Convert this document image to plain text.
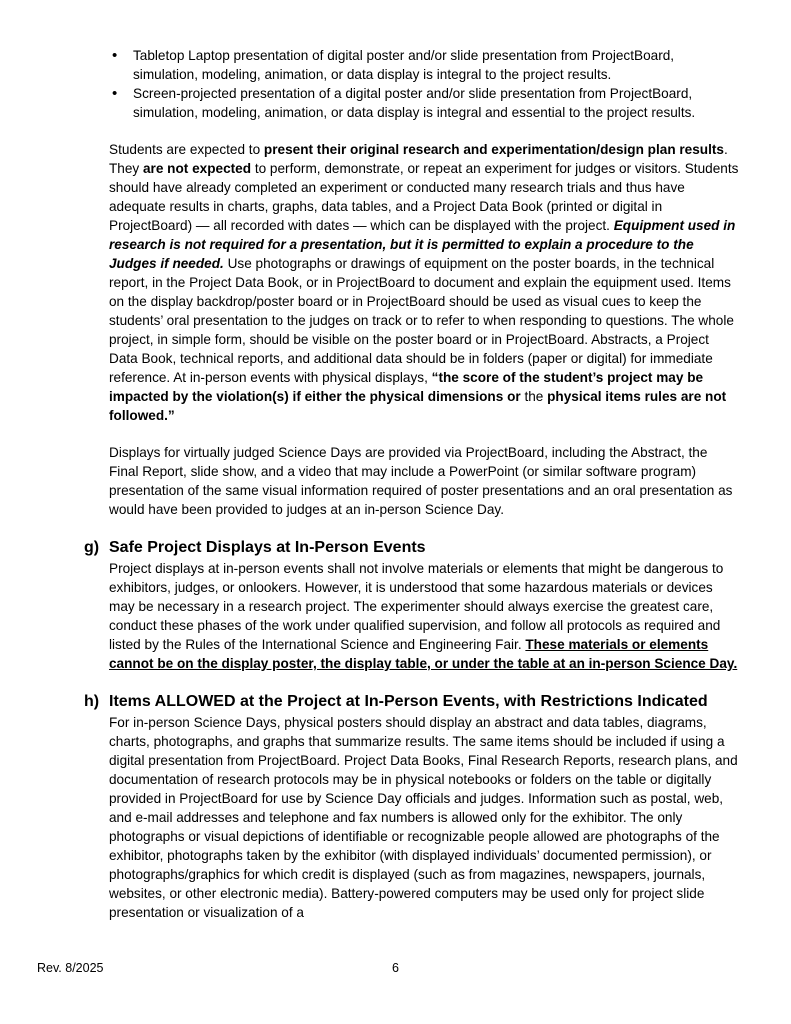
• Tabletop Laptop presentation of digital poster and/or slide presentation from ProjectBoard, simulation, modeling, animation, or data display is integral to the project results.
• Screen-projected presentation of a digital poster and/or slide presentation from ProjectBoard, simulation, modeling, animation, or data display is integral and essential to the project results.

Students are expected to present their original research and experimentation/design plan results. They are not expected to perform, demonstrate, or repeat an experiment for judges or visitors. Students should have already completed an experiment or conducted many research trials and thus have adequate results in charts, graphs, data tables, and a Project Data Book (printed or digital in ProjectBoard) — all recorded with dates — which can be displayed with the project. Equipment used in research is not required for a presentation, but it is permitted to explain a procedure to the Judges if needed. Use photographs or drawings of equipment on the poster boards, in the technical report, in the Project Data Book, or in ProjectBoard to document and explain the equipment used. Items on the display backdrop/poster board or in ProjectBoard should be used as visual cues to keep the students’ oral presentation to the judges on track or to refer to when responding to questions. The whole project, in simple form, should be visible on the poster board or in ProjectBoard. Abstracts, a Project Data Book, technical reports, and additional data should be in folders (paper or digital) for immediate reference. At in-person events with physical displays, “the score of the student’s project may be impacted by the violation(s) if either the physical dimensions or the physical items rules are not followed.”

Displays for virtually judged Science Days are provided via ProjectBoard, including the Abstract, the Final Report, slide show, and a video that may include a PowerPoint (or similar software program) presentation of the same visual information required of poster presentations and an oral presentation as would have been provided to judges at an in-person Science Day.

g) Safe Project Displays at In-Person Events

Project displays at in-person events shall not involve materials or elements that might be dangerous to exhibitors, judges, or onlookers. However, it is understood that some hazardous materials or devices may be necessary in a research project. The experimenter should always exercise the greatest care, conduct these phases of the work under qualified supervision, and follow all protocols as required and listed by the Rules of the International Science and Engineering Fair. These materials or elements cannot be on the display poster, the display table, or under the table at an in-person Science Day.

h) Items ALLOWED at the Project at In-Person Events, with Restrictions Indicated

For in-person Science Days, physical posters should display an abstract and data tables, diagrams, charts, photographs, and graphs that summarize results. The same items should be included if using a digital presentation from ProjectBoard. Project Data Books, Final Research Reports, research plans, and documentation of research protocols may be in physical notebooks or folders on the table or digitally provided in ProjectBoard for use by Science Day officials and judges. Information such as postal, web, and e-mail addresses and telephone and fax numbers is allowed only for the exhibitor. The only photographs or visual depictions of identifiable or recognizable people allowed are photographs of the exhibitor, photographs taken by the exhibitor (with displayed individuals’ documented permission), or photographs/graphics for which credit is displayed (such as from magazines, newspapers, journals, websites, or other electronic media). Battery-powered computers may be used only for project slide presentation or visualization of a

Rev. 8/2025	6
